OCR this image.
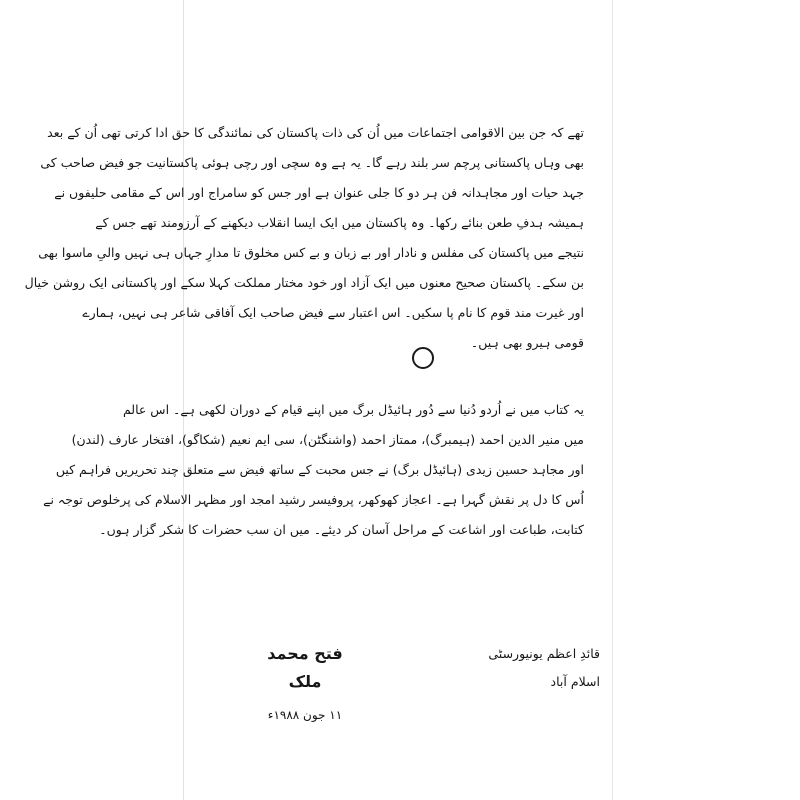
تھے کہ جن بین الاقوامی اجتماعات میں اُن کی ذات پاکستان کی نمائندگی کا حق ادا کرتی تھی اُن کے بعد
بھی وہاں پاکستانی پرچم سر بلند رہے گا۔ یہ ہے وہ سچی اور رچی ہوئی پاکستانیت جو فیض صاحب کی
جہد حیات اور مجاہدانہ فن ہر دو کا جلی عنوان ہے اور جس کو سامراج اور اس کے مقامی حلیفوں نے
ہمیشہ ہدفِ طعن بنائے رکھا۔ وہ پاکستان میں ایک ایسا انقلاب دیکھنے کے آرزومند تھے جس کے
نتیجے میں پاکستان کی مفلس و نادار اور بے زبان و بے کس مخلوق تا مدارِ جہاں ہی نہیں والیِ ماسوا بھی
بن سکے۔ پاکستان صحیح معنوں میں ایک آزاد اور خود مختار مملکت کہلا سکے اور پاکستانی ایک روشن خیال
اور غیرت مند قوم کا نام پا سکیں۔ اس اعتبار سے فیض صاحب ایک آفاقی شاعر ہی نہیں، ہمارے
قومی ہیرو بھی ہیں۔
یہ کتاب میں نے اُردو دُنیا سے دُور ہائیڈل برگ میں اپنے قیام کے دوران لکھی ہے۔ اس عالم
میں منیر الدین احمد (ہیمبرگ)، ممتاز احمد (واشنگٹن)، سی ایم نعیم (شکاگو)، افتخار عارف (لندن)
اور مجاہد حسین زیدی (ہائیڈل برگ) نے جس محبت کے ساتھ فیض سے متعلق چند تحریریں فراہم کیں
اُس کا دل پر نقش گہرا ہے۔ اعجاز کھوکھر، پروفیسر رشید امجد اور مظہر الاسلام کی پرخلوص توجہ نے
کتابت، طباعت اور اشاعت کے مراحل آسان کر دیئے۔ میں ان سب حضرات کا شکر گزار ہوں۔
فتح محمد ملک
۱۱ جون ۱۹۸۸ء
قائدِ اعظم یونیورسٹی
اسلام آباد
